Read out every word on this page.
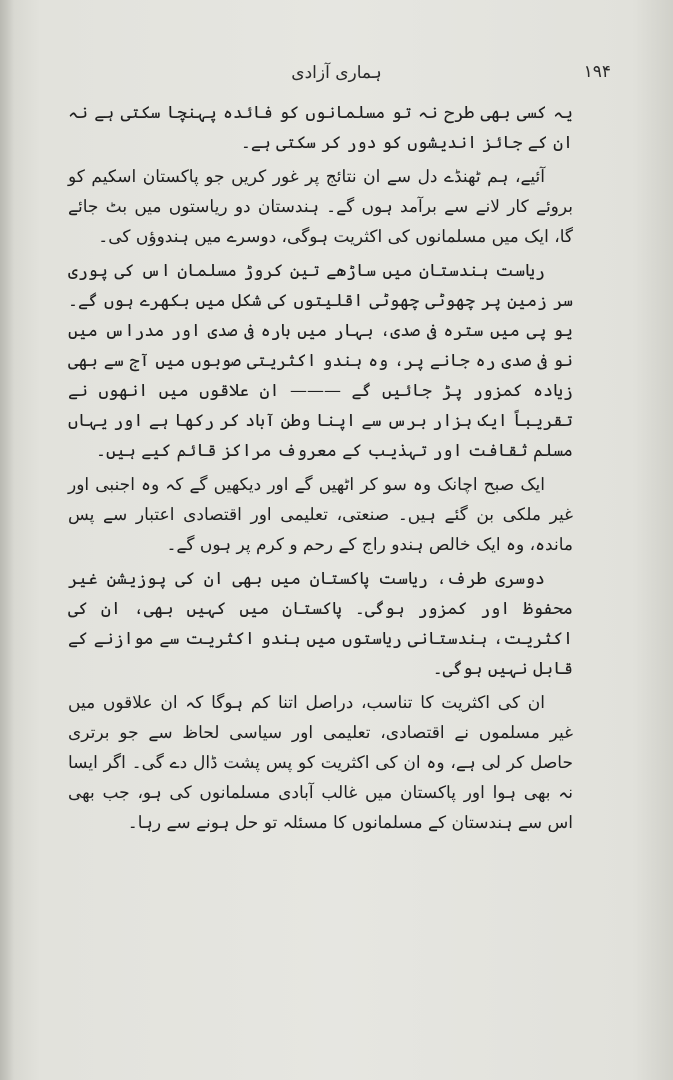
ہماری آزادی	۱۹۴

یہ کسی بھی طرح نہ تو مسلمانوں کو فائدہ پہنچا سکتی ہے نہ ان کے جائز اندیشوں کو دور کر سکتی ہے۔

آئیے، ہم ٹھنڈے دل سے ان نتائج پر غور کریں جو پاکستان اسکیم کو بروئے کار لانے سے برآمد ہوں گے۔ ہندستان دو ریاستوں میں بٹ جائے گا، ایک میں مسلمانوں کی اکثریت ہوگی، دوسرے میں ہندوؤں کی۔

ریاست ہندستان میں ساڑھے تین کروڑ مسلمان اس کی پوری سر زمین پر چھوٹی چھوٹی اقلیتوں کی شکل میں بکھرے ہوں گے۔ یو پی میں سترہ فی صدی، بہار میں بارہ فی صدی اور مدراس میں نو فی صدی رہ جانے پر، وہ ہندو اکثریتی صوبوں میں آج سے بھی زیادہ کمزور پڑ جائیں گے ——— ان علاقوں میں انھوں نے تقریباً ایک ہزار برس سے اپنا وطن آباد کر رکھا ہے اور یہاں مسلم ثقافت اور تہذیب کے معروف مراکز قائم کیے ہیں۔

ایک صبح اچانک وہ سو کر اٹھیں گے اور دیکھیں گے کہ وہ اجنبی اور غیر ملکی بن گئے ہیں۔ صنعتی، تعلیمی اور اقتصادی اعتبار سے پس ماندہ، وہ ایک خالص ہندو راج کے رحم و کرم پر ہوں گے۔

دوسری طرف، ریاست پاکستان میں بھی ان کی پوزیشن غیر محفوظ اور کمزور ہوگی۔ پاکستان میں کہیں بھی، ان کی اکثریت، ہندستانی ریاستوں میں ہندو اکثریت سے موازنے کے قابل نہیں ہوگی۔

ان کی اکثریت کا تناسب، دراصل اتنا کم ہوگا کہ ان علاقوں میں غیر مسلموں نے اقتصادی، تعلیمی اور سیاسی لحاظ سے جو برتری حاصل کر لی ہے، وہ ان کی اکثریت کو پس پشت ڈال دے گی۔ اگر ایسا نہ بھی ہوا اور پاکستان میں غالب آبادی مسلمانوں کی ہو، جب بھی اس سے ہندستان کے مسلمانوں کا مسئلہ تو حل ہونے سے رہا۔
